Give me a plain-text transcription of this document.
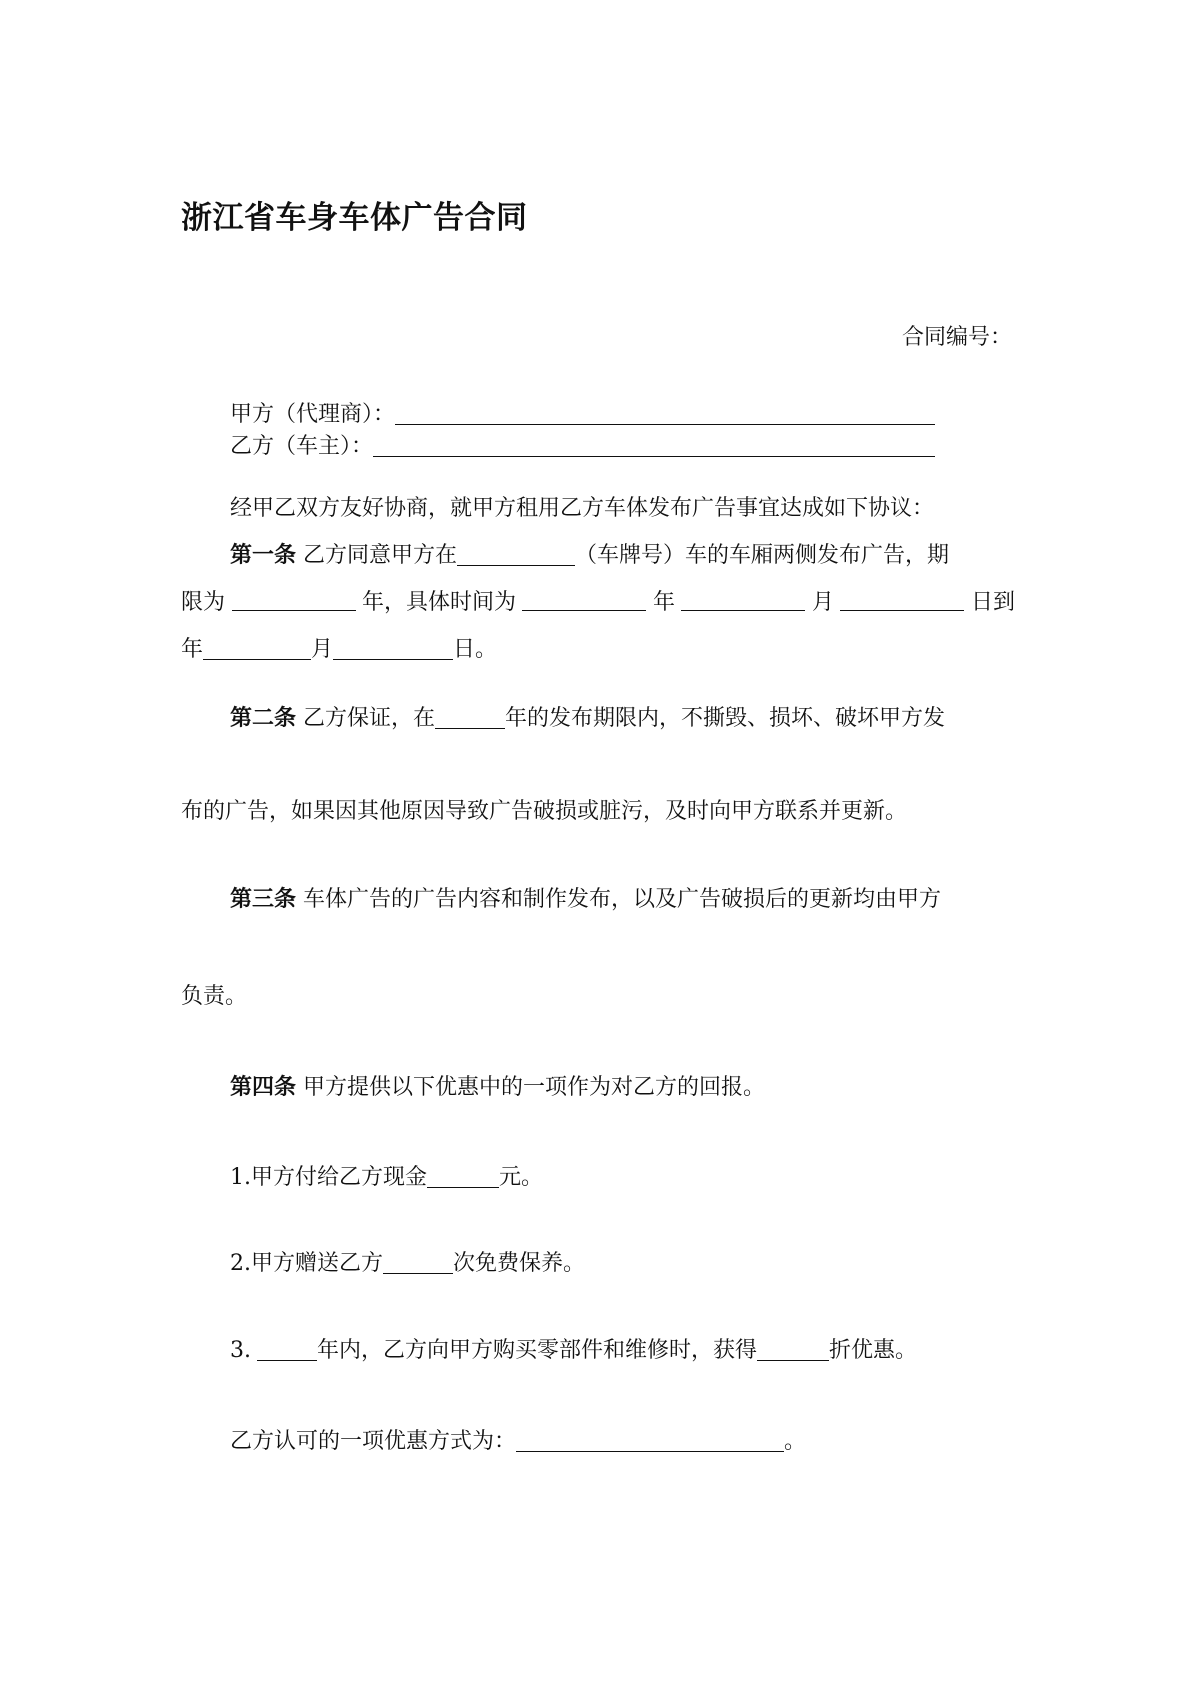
浙江省车身车体广告合同
合同编号：
甲方（代理商）：
乙方（车主）：
经甲乙双方友好协商，就甲方租用乙方车体发布广告事宜达成如下协议：
第一条 乙方同意甲方在	（车牌号）车的车厢两侧发布广告，期
限为	年，具体时间为	年	月	日到
年	月	日。
第二条 乙方保证，在	年的发布期限内，不撕毁、损坏、破坏甲方发
布的广告，如果因其他原因导致广告破损或脏污，及时向甲方联系并更新。
第三条 车体广告的广告内容和制作发布，以及广告破损后的更新均由甲方
负责。
第四条 甲方提供以下优惠中的一项作为对乙方的回报。
1.甲方付给乙方现金	元。
2.甲方赠送乙方	次免费保养。
3.	年内，乙方向甲方购买零部件和维修时，获得	折优惠。
乙方认可的一项优惠方式为：	。
